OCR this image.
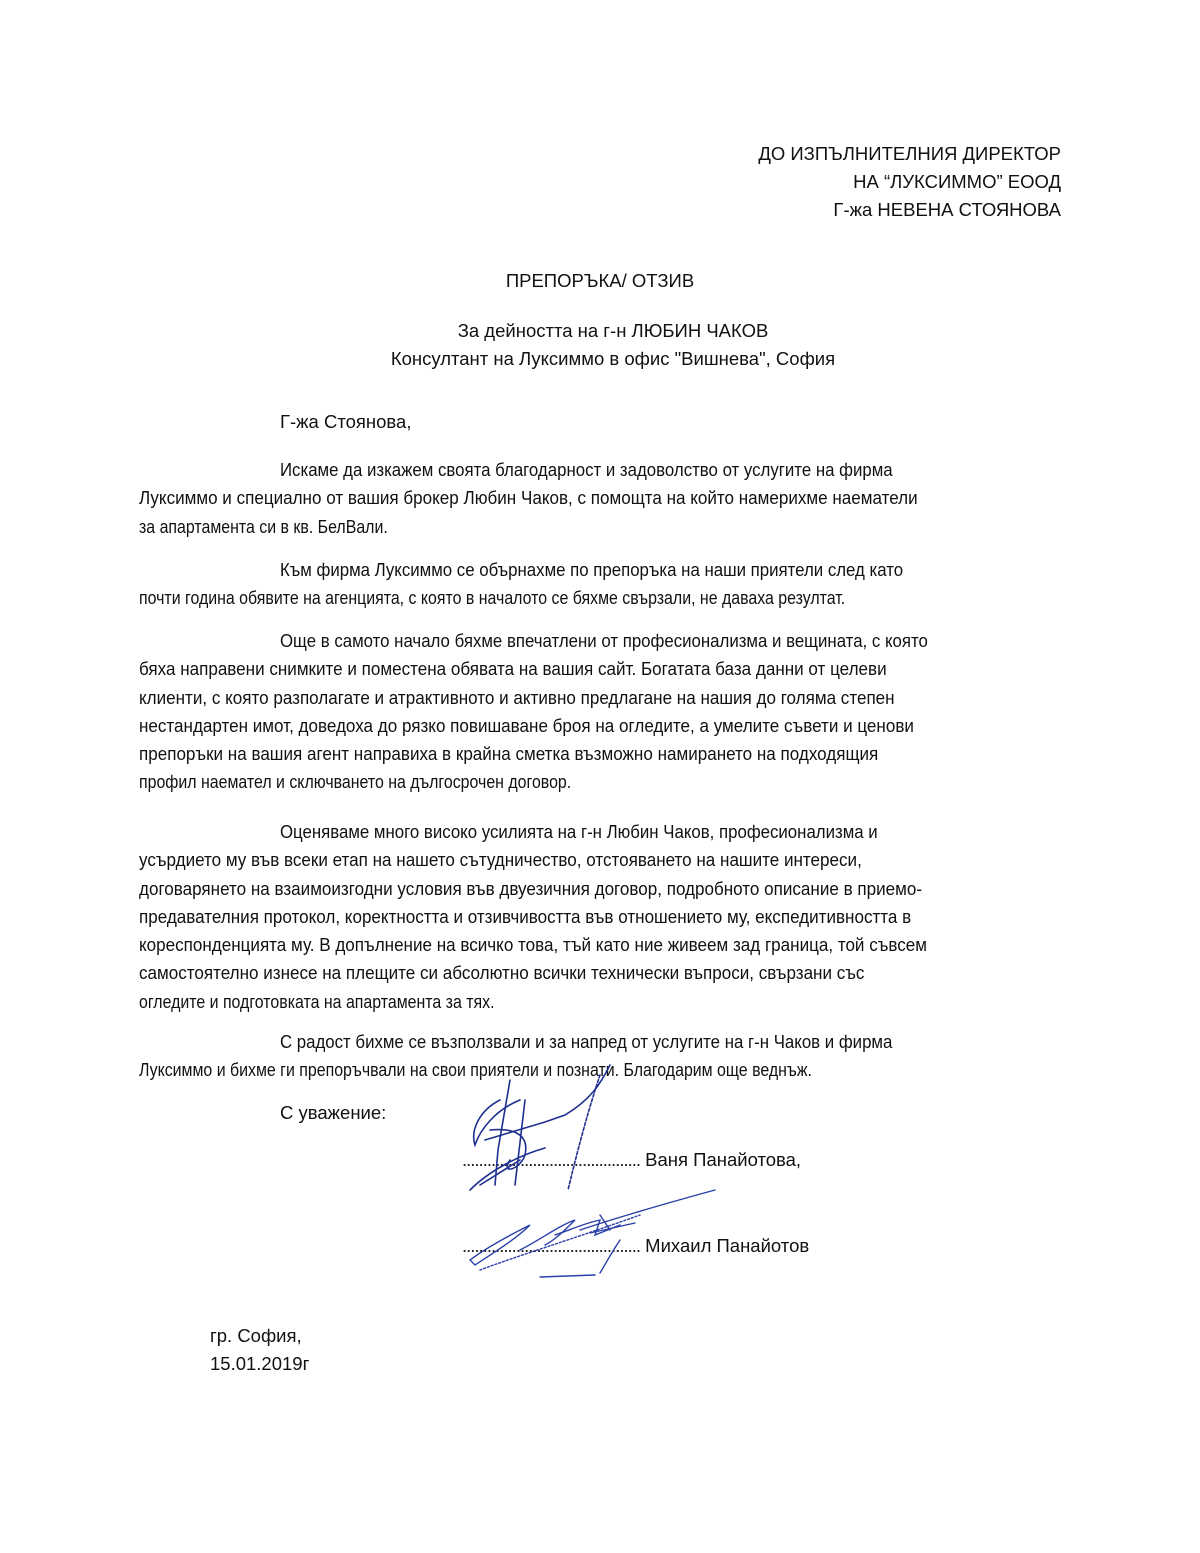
ДО ИЗПЪЛНИТЕЛНИЯ ДИРЕКТОР
НА “ЛУКСИММО” ЕООД
Г-жа НЕВЕНА СТОЯНОВА
ПРЕПОРЪКА/ ОТЗИВ
За дейността на г-н ЛЮБИН ЧАКОВ
Консултант на Луксиммо в офис "Вишнева", София
Г-жа Стоянова,
Искаме да изкажем своята благодарност и задоволство от услугите на фирма
Луксиммо и специално от вашия брокер Любин Чаков, с помощта на който намерихме наематели
за апартамента си в кв. БелВали.
Към фирма Луксиммо се обърнахме по препоръка на наши приятели след като
почти година обявите на агенцията, с която в началото се бяхме свързали, не даваха резултат.
Още в самото начало бяхме впечатлени от професионализма и вещината, с която
бяха направени снимките и поместена обявата на вашия сайт. Богатата база данни от целеви
клиенти, с която разполагате и атрактивното и активно предлагане на нашия до голяма степен
нестандартен имот, доведоха до рязко повишаване броя на огледите, а умелите съвети и ценови
препоръки на вашия агент направиха в крайна сметка възможно намирането на подходящия
профил наемател и сключването на дългосрочен договор.
Оценяваме много високо усилията на г-н Любин Чаков, професионализма и
усърдието му във всеки етап на нашето сътудничество, отстояването на нашите интереси,
договарянето на взаимоизгодни условия във двуезичния договор, подробното описание в приемо-
предавателния протокол, коректността и отзивчивостта във отношението му, експедитивността в
кореспонденцията му. В допълнение на всичко това, тъй като ние живеем зад граница, той съвсем
самостоятелно изнесе на плещите си абсолютно всички технически въпроси, свързани със
огледите и подготовката на апартамента за тях.
С радост бихме се възползвали и за напред от услугите на г-н Чаков и фирма
Луксиммо и бихме ги препоръчвали на свои приятели и познати. Благодарим още веднъж.
С уважение:
........................................... Ваня Панайотова,
........................................... Михаил Панайотов
гр. София,
15.01.2019г
